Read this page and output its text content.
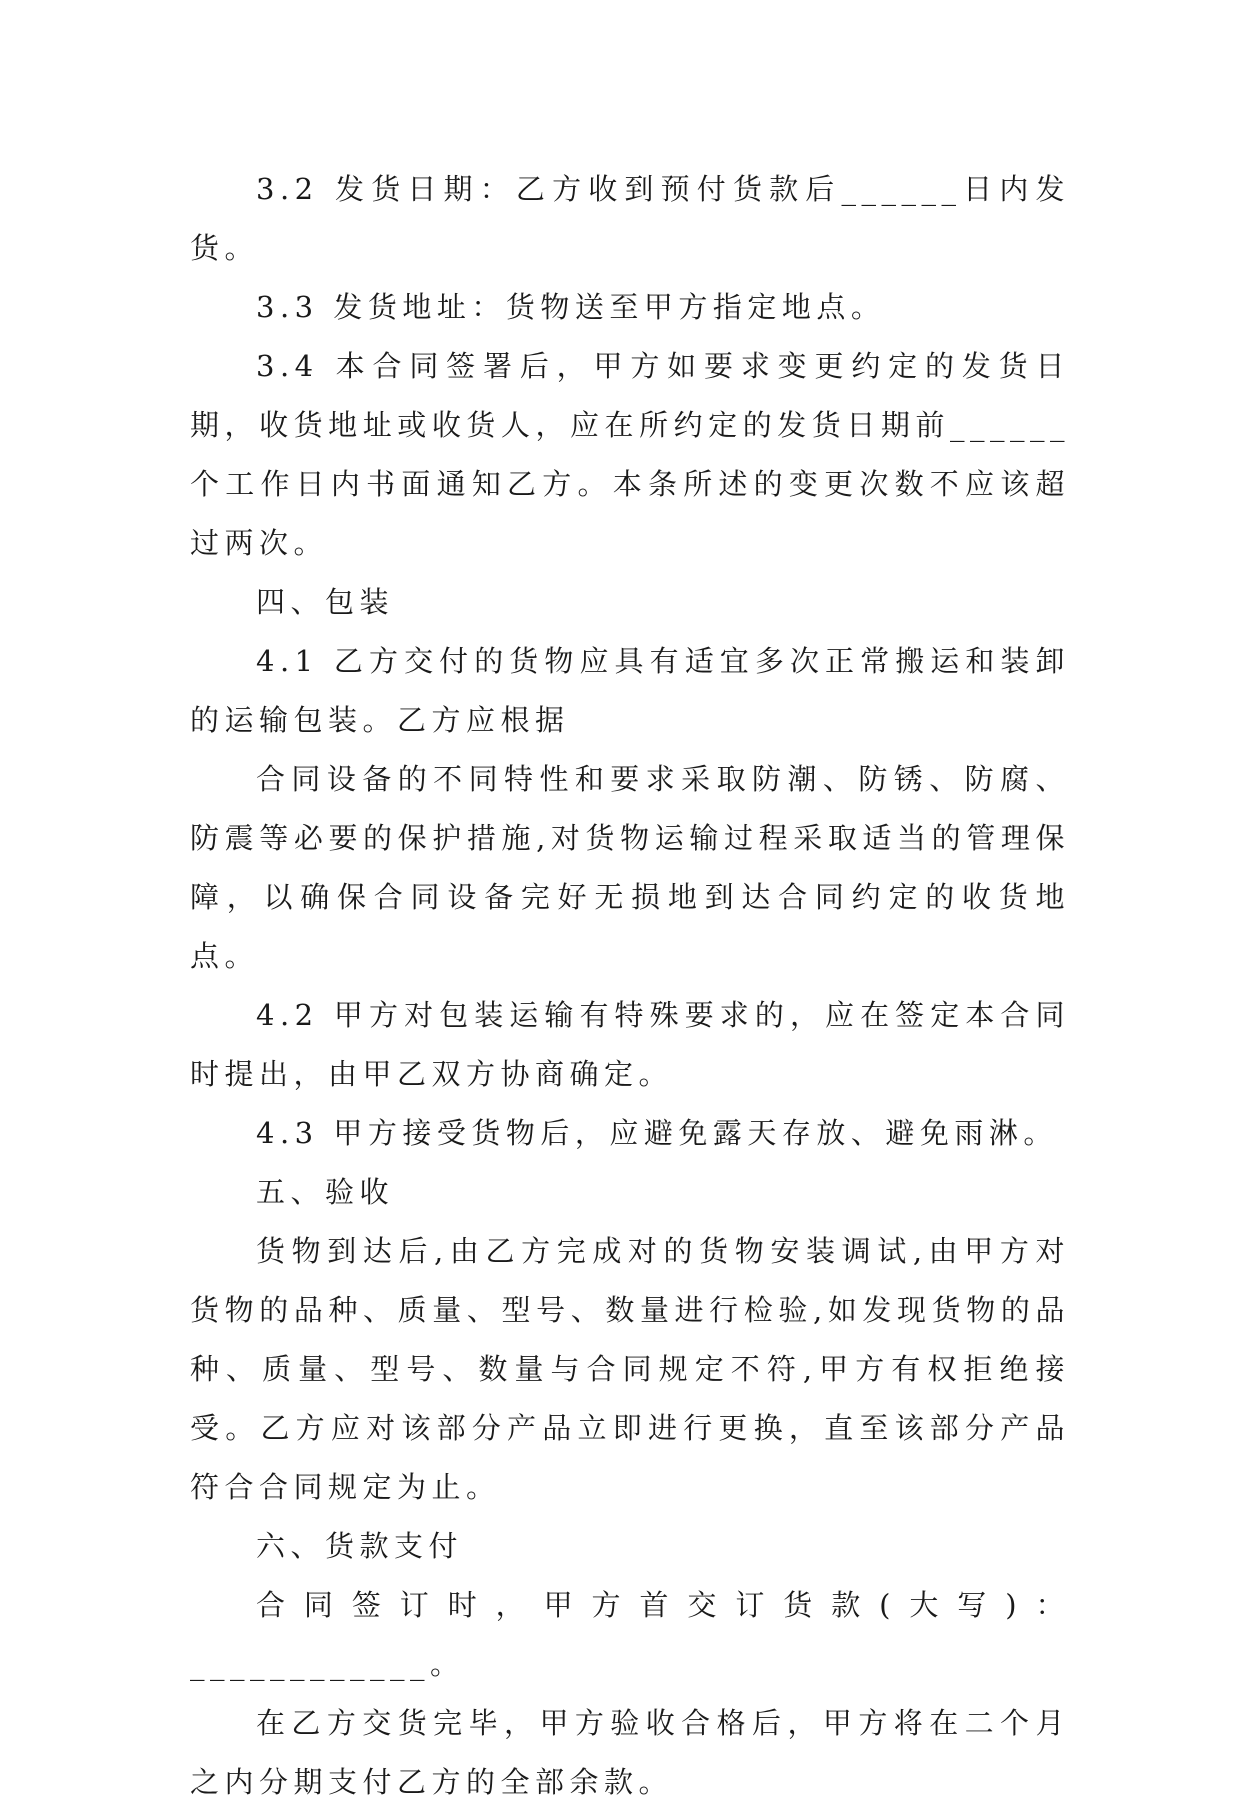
3.2 发货日期：乙方收到预付货款后______日内发货。

3.3 发货地址：货物送至甲方指定地点。

3.4 本合同签署后，甲方如要求变更约定的发货日期，收货地址或收货人，应在所约定的发货日期前______个工作日内书面通知乙方。本条所述的变更次数不应该超过两次。

四、包装

4.1 乙方交付的货物应具有适宜多次正常搬运和装卸的运输包装。乙方应根据

合同设备的不同特性和要求采取防潮、防锈、防腐、防震等必要的保护措施,对货物运输过程采取适当的管理保障，以确保合同设备完好无损地到达合同约定的收货地点。

4.2 甲方对包装运输有特殊要求的，应在签定本合同时提出，由甲乙双方协商确定。

4.3 甲方接受货物后，应避免露天存放、避免雨淋。

五、验收

货物到达后,由乙方完成对的货物安装调试,由甲方对货物的品种、质量、型号、数量进行检验,如发现货物的品种、质量、型号、数量与合同规定不符,甲方有权拒绝接受。乙方应对该部分产品立即进行更换，直至该部分产品符合合同规定为止。

六、货款支付

合同签订时，甲方首交订货款(大写)：____________。

在乙方交货完毕，甲方验收合格后，甲方将在二个月之内分期支付乙方的全部余款。
